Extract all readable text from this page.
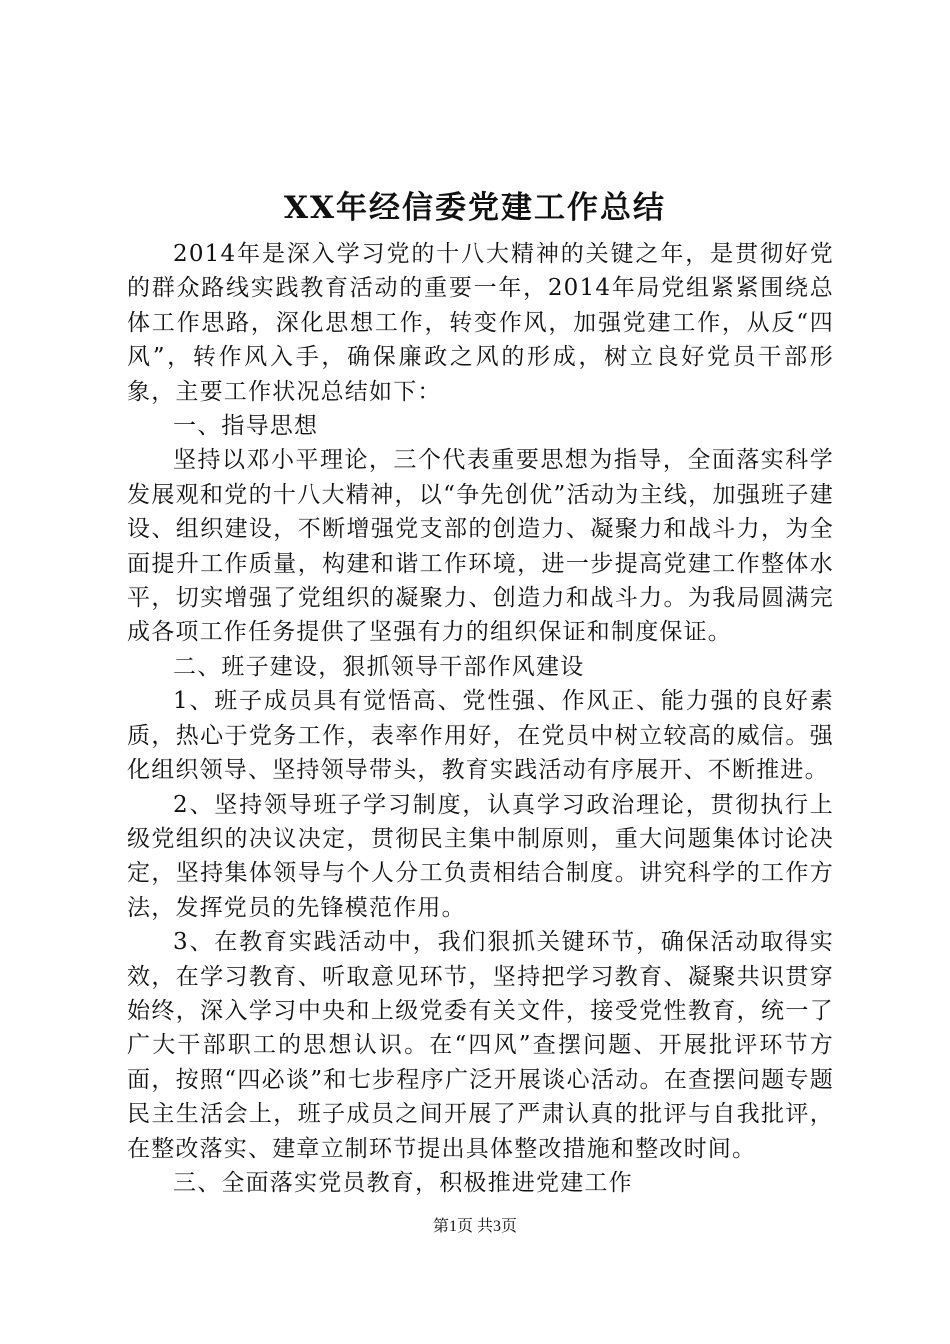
XX年经信委党建工作总结

2014年是深入学习党的十八大精神的关键之年，是贯彻好党的群众路线实践教育活动的重要一年，2014年局党组紧紧围绕总体工作思路，深化思想工作，转变作风，加强党建工作，从反“四风”，转作风入手，确保廉政之风的形成，树立良好党员干部形象，主要工作状况总结如下：

一、指导思想

坚持以邓小平理论，三个代表重要思想为指导，全面落实科学发展观和党的十八大精神，以“争先创优”活动为主线，加强班子建设、组织建设，不断增强党支部的创造力、凝聚力和战斗力，为全面提升工作质量，构建和谐工作环境，进一步提高党建工作整体水平，切实增强了党组织的凝聚力、创造力和战斗力。为我局圆满完成各项工作任务提供了坚强有力的组织保证和制度保证。

二、班子建设，狠抓领导干部作风建设

1、班子成员具有觉悟高、党性强、作风正、能力强的良好素质，热心于党务工作，表率作用好，在党员中树立较高的威信。强化组织领导、坚持领导带头，教育实践活动有序展开、不断推进。

2、坚持领导班子学习制度，认真学习政治理论，贯彻执行上级党组织的决议决定，贯彻民主集中制原则，重大问题集体讨论决定，坚持集体领导与个人分工负责相结合制度。讲究科学的工作方法，发挥党员的先锋模范作用。

3、在教育实践活动中，我们狠抓关键环节，确保活动取得实效，在学习教育、听取意见环节，坚持把学习教育、凝聚共识贯穿始终，深入学习中央和上级党委有关文件，接受党性教育，统一了广大干部职工的思想认识。在“四风”查摆问题、开展批评环节方面，按照“四必谈”和七步程序广泛开展谈心活动。在查摆问题专题民主生活会上，班子成员之间开展了严肃认真的批评与自我批评，在整改落实、建章立制环节提出具体整改措施和整改时间。

三、全面落实党员教育，积极推进党建工作

第1页 共3页
